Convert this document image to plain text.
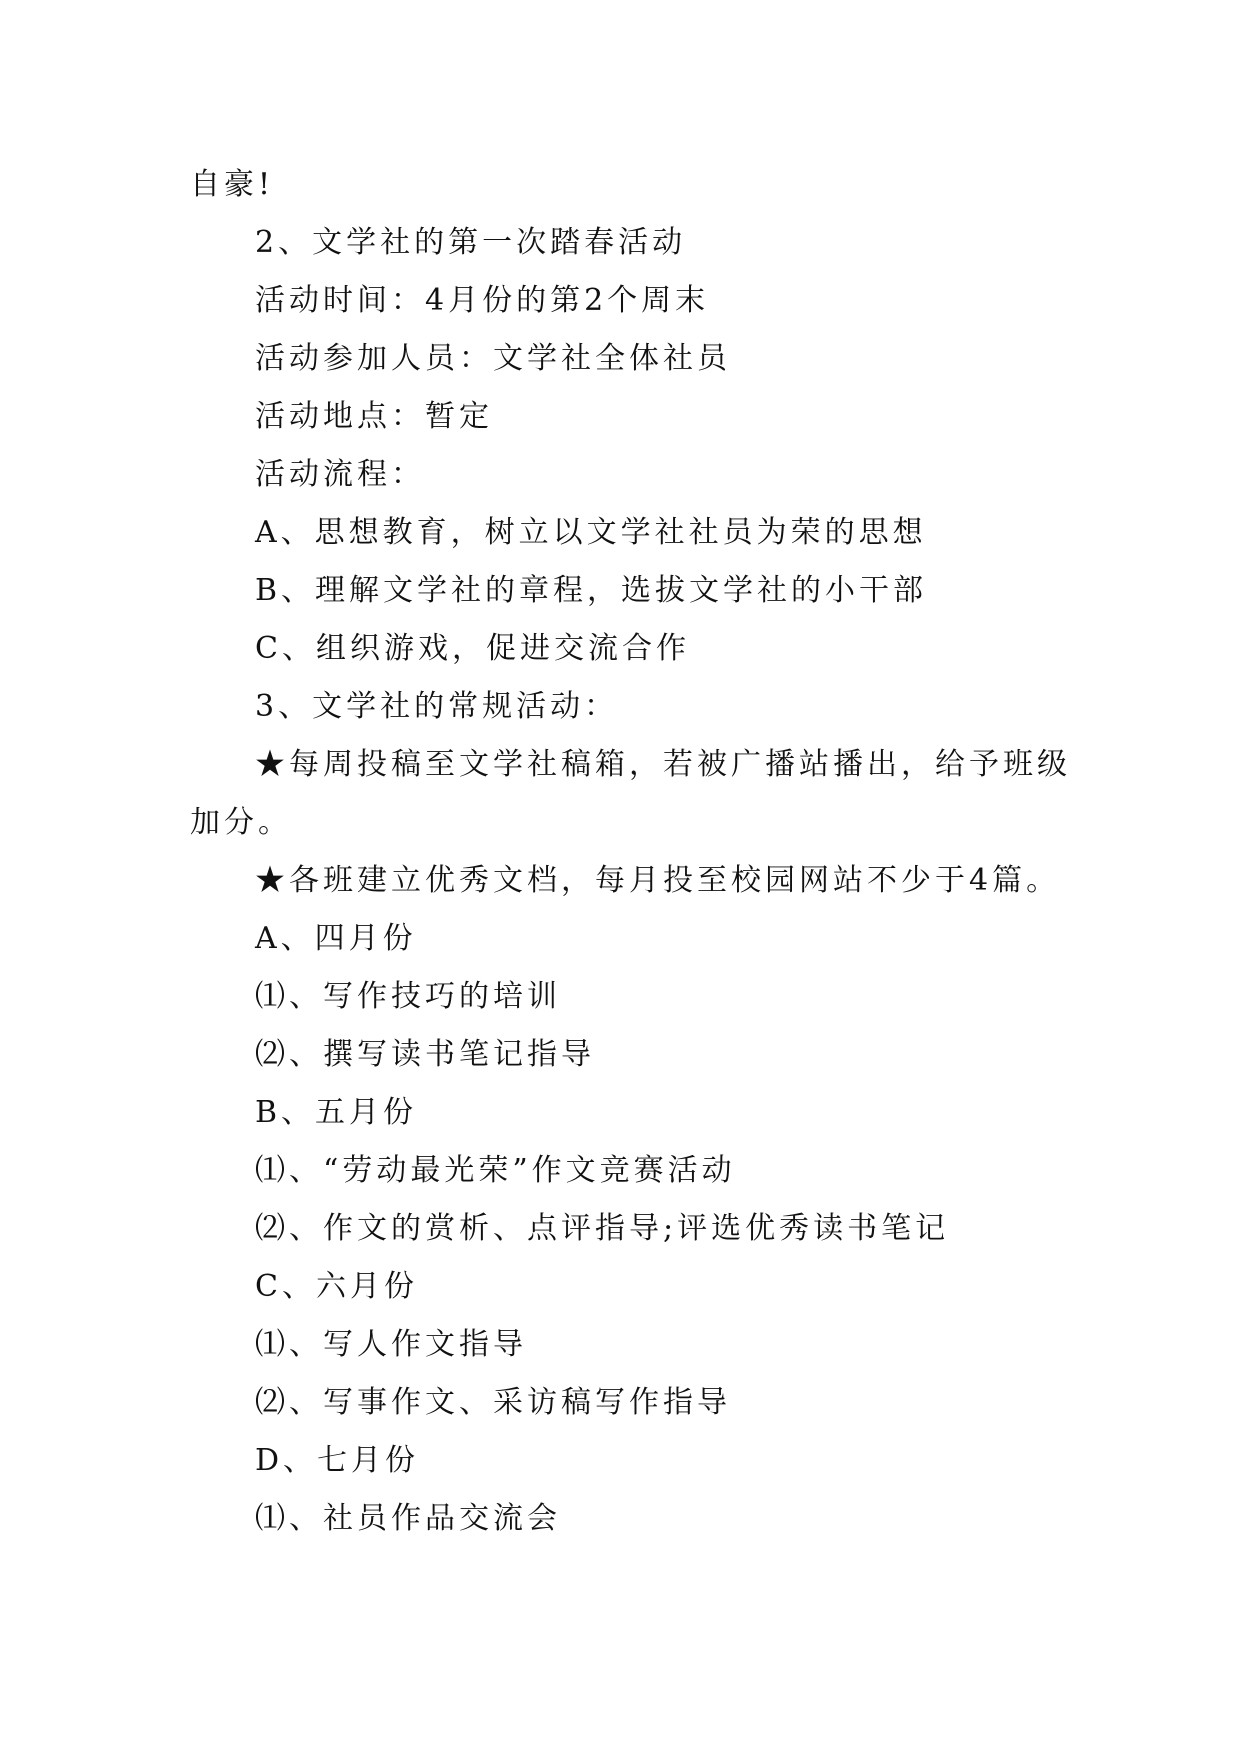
自豪!
2、文学社的第一次踏春活动
活动时间：4月份的第2个周末
活动参加人员：文学社全体社员
活动地点：暂定
活动流程：
A、思想教育，树立以文学社社员为荣的思想
B、理解文学社的章程，选拔文学社的小干部
C、组织游戏，促进交流合作
3、文学社的常规活动：
★每周投稿至文学社稿箱，若被广播站播出，给予班级
加分。
★各班建立优秀文档，每月投至校园网站不少于4篇。
A、四月份
⑴、写作技巧的培训
⑵、撰写读书笔记指导
B、五月份
⑴、“劳动最光荣”作文竞赛活动
⑵、作文的赏析、点评指导;评选优秀读书笔记
C、六月份
⑴、写人作文指导
⑵、写事作文、采访稿写作指导
D、七月份
⑴、社员作品交流会
